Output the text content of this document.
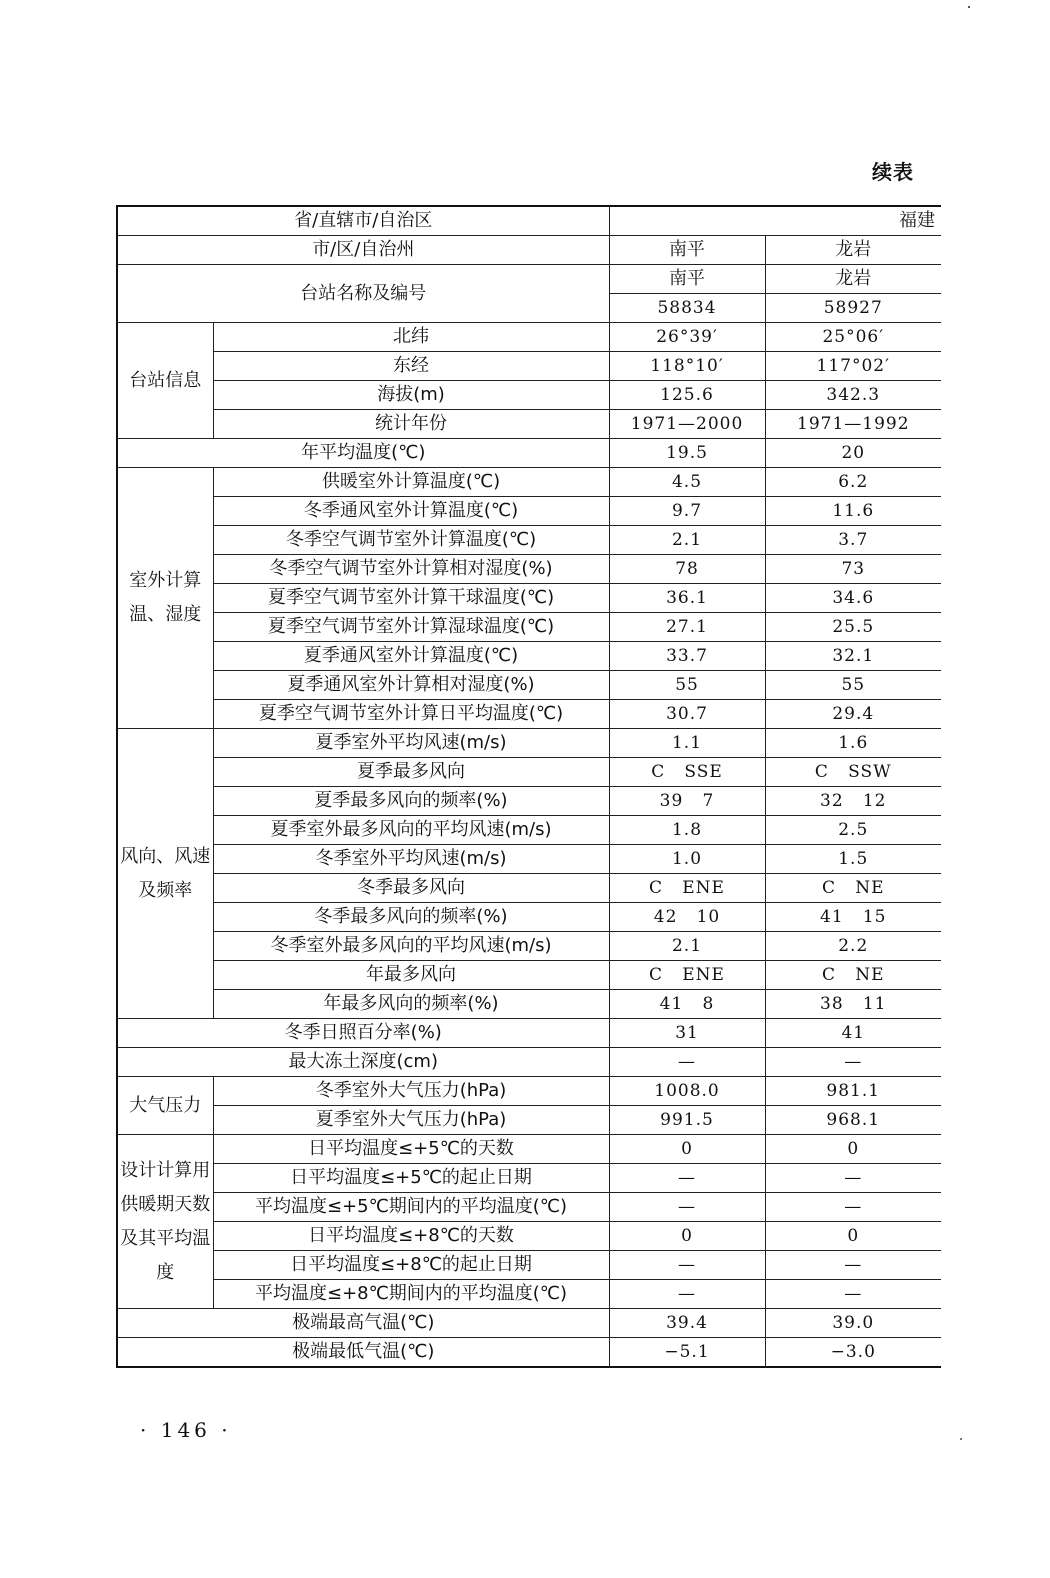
续表
省/直辖市/自治区		福建	
市/区/自治州		南平	龙岩
台站名称及编号		南平	龙岩
		58834	58927
台站信息	北纬	26°39′	25°06′
	东经	118°10′	117°02′
	海拔(m)	125.6	342.3
	统计年份	1971—2000	1971—1992
年平均温度(℃)		19.5	20
室外计算温、湿度	供暖室外计算温度(℃)	4.5	6.2
	冬季通风室外计算温度(℃)	9.7	11.6
	冬季空气调节室外计算温度(℃)	2.1	3.7
	冬季空气调节室外计算相对湿度(%)	78	73
	夏季空气调节室外计算干球温度(℃)	36.1	34.6
	夏季空气调节室外计算湿球温度(℃)	27.1	25.5
	夏季通风室外计算温度(℃)	33.7	32.1
	夏季通风室外计算相对湿度(%)	55	55
	夏季空气调节室外计算日平均温度(℃)	30.7	29.4
风向、风速及频率	夏季室外平均风速(m/s)	1.1	1.6
	夏季最多风向	C   SSE	C   SSW
	夏季最多风向的频率(%)	39   7	32   12
	夏季室外最多风向的平均风速(m/s)	1.8	2.5
	冬季室外平均风速(m/s)	1.0	1.5
	冬季最多风向	C   ENE	C   NE
	冬季最多风向的频率(%)	42   10	41   15
	冬季室外最多风向的平均风速(m/s)	2.1	2.2
	年最多风向	C   ENE	C   NE
	年最多风向的频率(%)	41   8	38   11
冬季日照百分率(%)		31	41
最大冻土深度(cm)		—	—
大气压力	冬季室外大气压力(hPa)	1008.0	981.1
	夏季室外大气压力(hPa)	991.5	968.1
设计计算用供暖期天数及其平均温度	日平均温度≤+5℃的天数	0	0
	日平均温度≤+5℃的起止日期	—	—
	平均温度≤+5℃期间内的平均温度(℃)	—	—
	日平均温度≤+8℃的天数	0	0
	日平均温度≤+8℃的起止日期	—	—
	平均温度≤+8℃期间内的平均温度(℃)	—	—
极端最高气温(℃)		39.4	39.0
极端最低气温(℃)		−5.1	−3.0
· 146 ·
